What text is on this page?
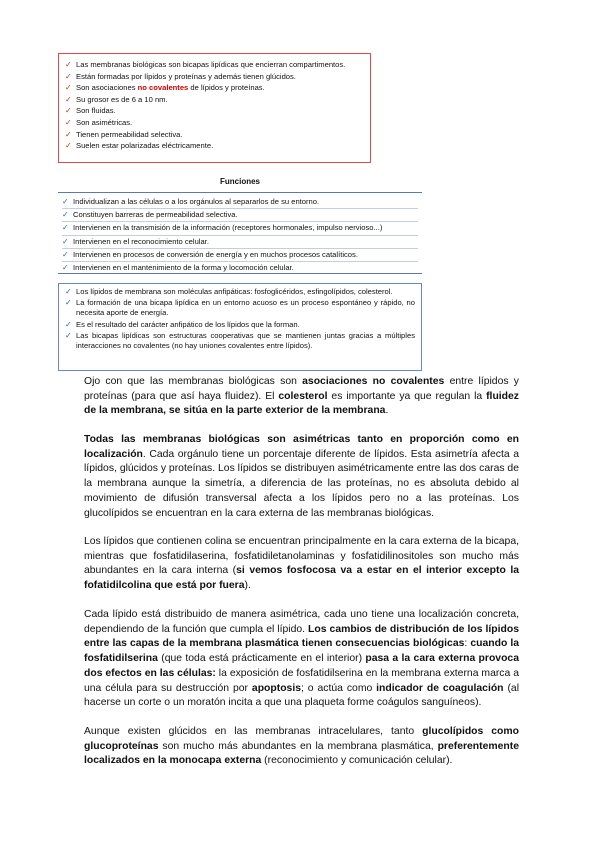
✓ Las membranas biológicas son bicapas lipídicas que encierran compartimentos.
✓ Están formadas por lípidos y proteínas y además tienen glúcidos.
✓ Son asociaciones no covalentes de lípidos y proteínas.
✓ Su grosor es de 6 a 10 nm.
✓ Son fluidas.
✓ Son asimétricas.
✓ Tienen permeabilidad selectiva.
✓ Suelen estar polarizadas eléctricamente.
Funciones
✓ Individualizan a las células o a los orgánulos al separarlos de su entorno.
✓ Constituyen barreras de permeabilidad selectiva.
✓ Intervienen en la transmisión de la información (receptores hormonales, impulso nervioso...)
✓ Intervienen en el reconocimiento celular.
✓ Intervienen en procesos de conversión de energía y en muchos procesos catalíticos.
✓ Intervienen en el mantenimiento de la forma y locomoción celular.
✓ Los lípidos de membrana son moléculas anfipáticas: fosfoglicéridos, esfingolípidos, colesterol.
✓ La formación de una bicapa lipídica en un entorno acuoso es un proceso espontáneo y rápido, no necesita aporte de energía.
✓ Es el resultado del carácter anfipático de los lípidos que la forman.
✓ Las bicapas lipídicas son estructuras cooperativas que se mantienen juntas gracias a múltiples interacciones no covalentes (no hay uniones covalentes entre lípidos).

Ojo con que las membranas biológicas son asociaciones no covalentes entre lípidos y proteínas (para que así haya fluidez). El colesterol es importante ya que regulan la fluidez de la membrana, se sitúa en la parte exterior de la membrana.

Todas las membranas biológicas son asimétricas tanto en proporción como en localización. Cada orgánulo tiene un porcentaje diferente de lípidos. Esta asimetría afecta a lípidos, glúcidos y proteínas. Los lípidos se distribuyen asimétricamente entre las dos caras de la membrana aunque la simetría, a diferencia de las proteínas, no es absoluta debido al movimiento de difusión transversal afecta a los lípidos pero no a las proteínas. Los glucolípidos se encuentran en la cara externa de las membranas biológicas.

Los lípidos que contienen colina se encuentran principalmente en la cara externa de la bicapa, mientras que fosfatidilaserina, fosfatidiletanolaminas y fosfatidilinositoles son mucho más abundantes en la cara interna (si vemos fosfocosa va a estar en el interior excepto la fofatidilcolina que está por fuera).

Cada lípido está distribuido de manera asimétrica, cada uno tiene una localización concreta, dependiendo de la función que cumpla el lípido. Los cambios de distribución de los lípidos entre las capas de la membrana plasmática tienen consecuencias biológicas: cuando la fosfatidilserina (que toda está prácticamente en el interior) pasa a la cara externa provoca dos efectos en las células: la exposición de fosfatidilserina en la membrana externa marca a una célula para su destrucción por apoptosis; o actúa como indicador de coagulación (al hacerse un corte o un moratón incita a que una plaqueta forme coágulos sanguíneos).

Aunque existen glúcidos en las membranas intracelulares, tanto glucolípidos como glucoproteínas son mucho más abundantes en la membrana plasmática, preferentemente localizados en la monocapa externa (reconocimiento y comunicación celular).
